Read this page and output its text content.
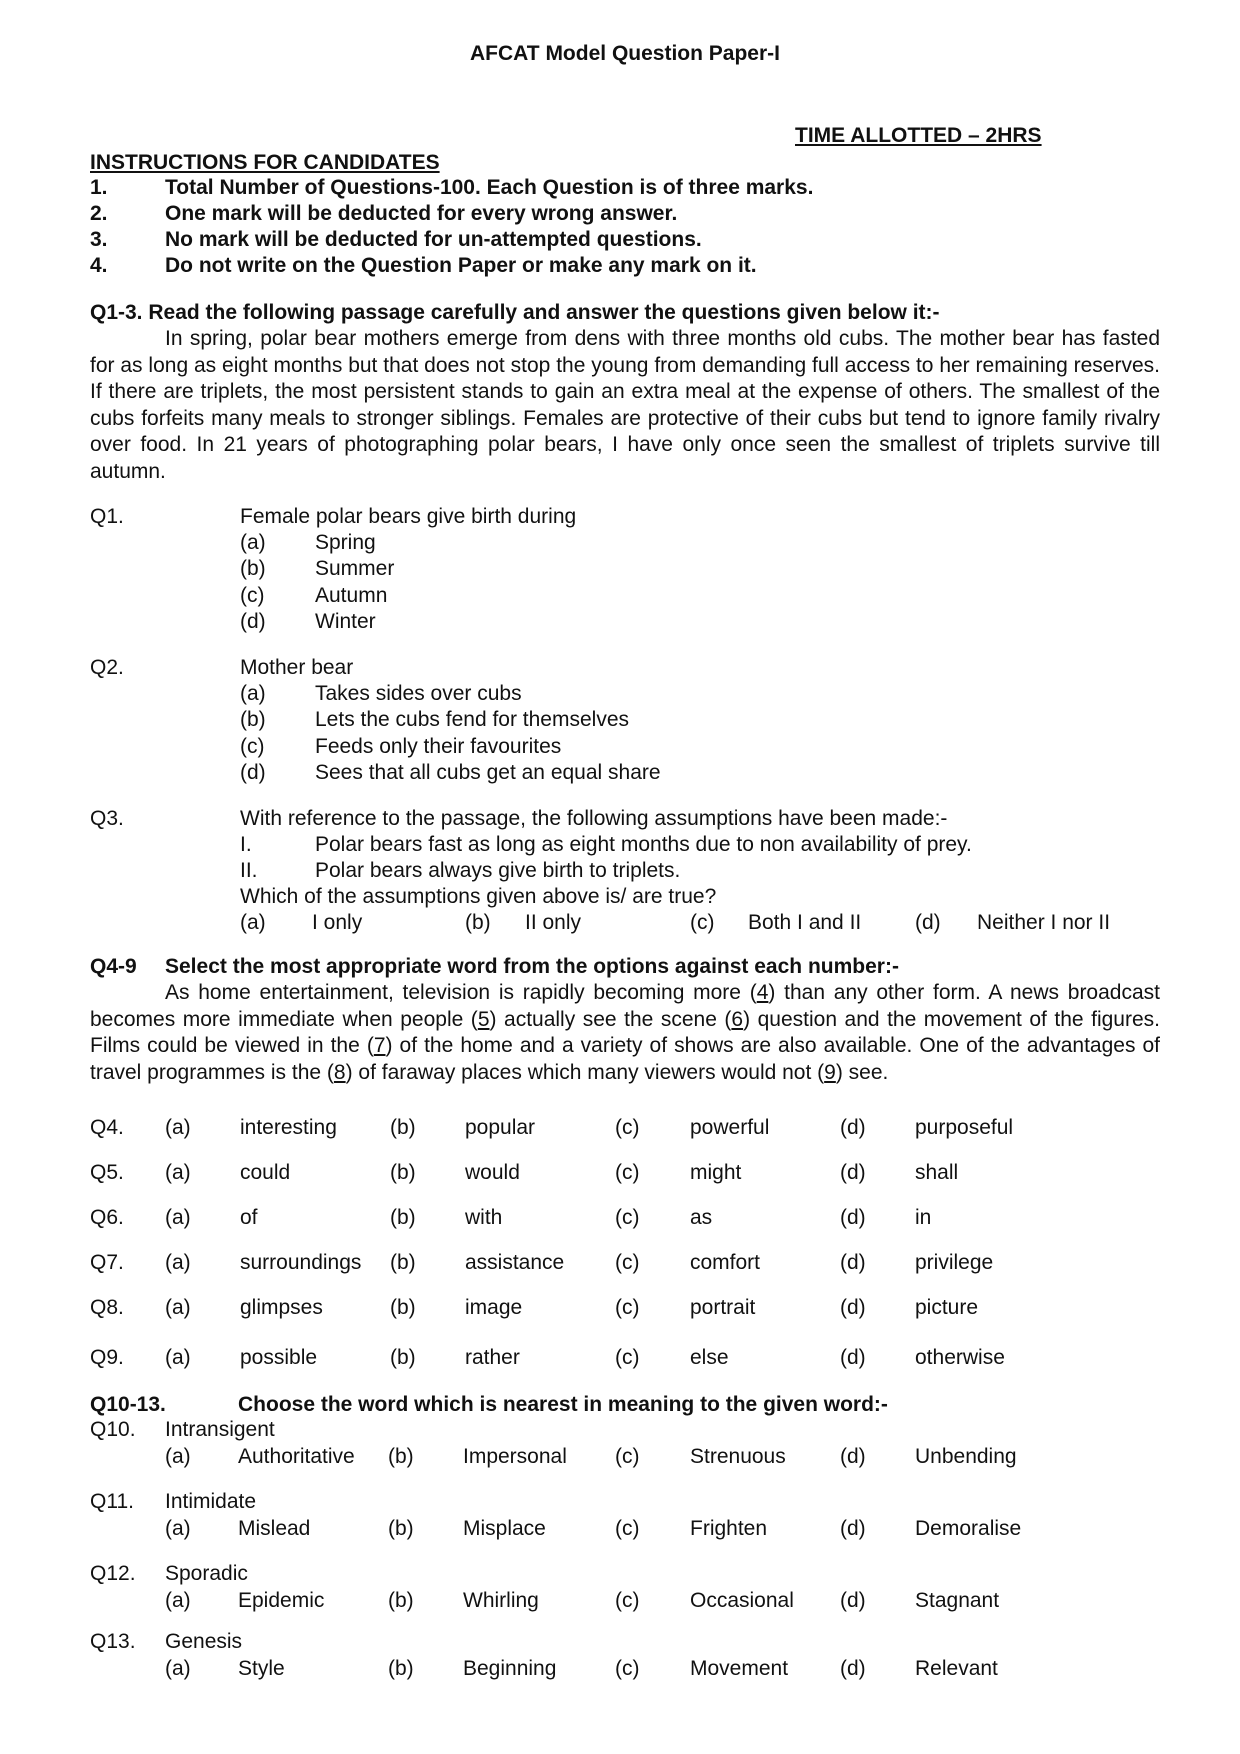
AFCAT Model Question Paper-I
TIME ALLOTTED – 2HRS
INSTRUCTIONS FOR CANDIDATES
1.	Total Number of Questions-100. Each Question is of three marks.
2.	One mark will be deducted for every wrong answer.
3.	No mark will be deducted for un-attempted questions.
4.	Do not write on the Question Paper or make any mark on it.
Q1-3. Read the following passage carefully and answer the questions given below it:-

In spring, polar bear mothers emerge from dens with three months old cubs. The mother bear has fasted for as long as eight months but that does not stop the young from demanding full access to her remaining reserves. If there are triplets, the most persistent stands to gain an extra meal at the expense of others. The smallest of the cubs forfeits many meals to stronger siblings. Females are protective of their cubs but tend to ignore family rivalry over food. In 21 years of photographing polar bears, I have only once seen the smallest of triplets survive till autumn.

Q1.	Female polar bears give birth during
(a) Spring
(b) Summer
(c) Autumn
(d) Winter
Q2.	Mother bear
(a) Takes sides over cubs
(b) Lets the cubs fend for themselves
(c) Feeds only their favourites
(d) Sees that all cubs get an equal share
Q3.	With reference to the passage, the following assumptions have been made:-
I.	Polar bears fast as long as eight months due to non availability of prey.
II.	Polar bears always give birth to triplets.
Which of the assumptions given above is/ are true?
(a) I only	(b) II only	(c) Both I and II	(d) Neither I nor II
Q4-9 Select the most appropriate word from the options against each number:-

As home entertainment, television is rapidly becoming more (4) than any other form. A news broadcast becomes more immediate when people (5) actually see the scene (6) question and the movement of the figures. Films could be viewed in the (7) of the home and a variety of shows are also available. One of the advantages of travel programmes is the (8) of faraway places which many viewers would not (9) see.

Q4. (a) interesting	(b) popular	(c) powerful	(d) purposeful
Q5. (a) could	(b) would	(c) might	(d) shall
Q6. (a) of	(b) with	(c) as	(d) in
Q7. (a) surroundings (b) assistance (c) comfort	(d) privilege
Q8. (a) glimpses	(b) image	(c) portrait	(d) picture
Q9. (a) possible	(b) rather	(c) else	(d) otherwise
Q10-13.	Choose the word which is nearest in meaning to the given word:-
Q10. Intransigent
(a) Authoritative (b) Impersonal (c) Strenuous	(d) Unbending
Q11. Intimidate
(a) Mislead	(b) Misplace	(c) Frighten	(d) Demoralise
Q12. Sporadic
(a) Epidemic	(b) Whirling	(c) Occasional (d) Stagnant
Q13. Genesis
(a) Style	(b) Beginning	(c) Movement (d) Relevant
